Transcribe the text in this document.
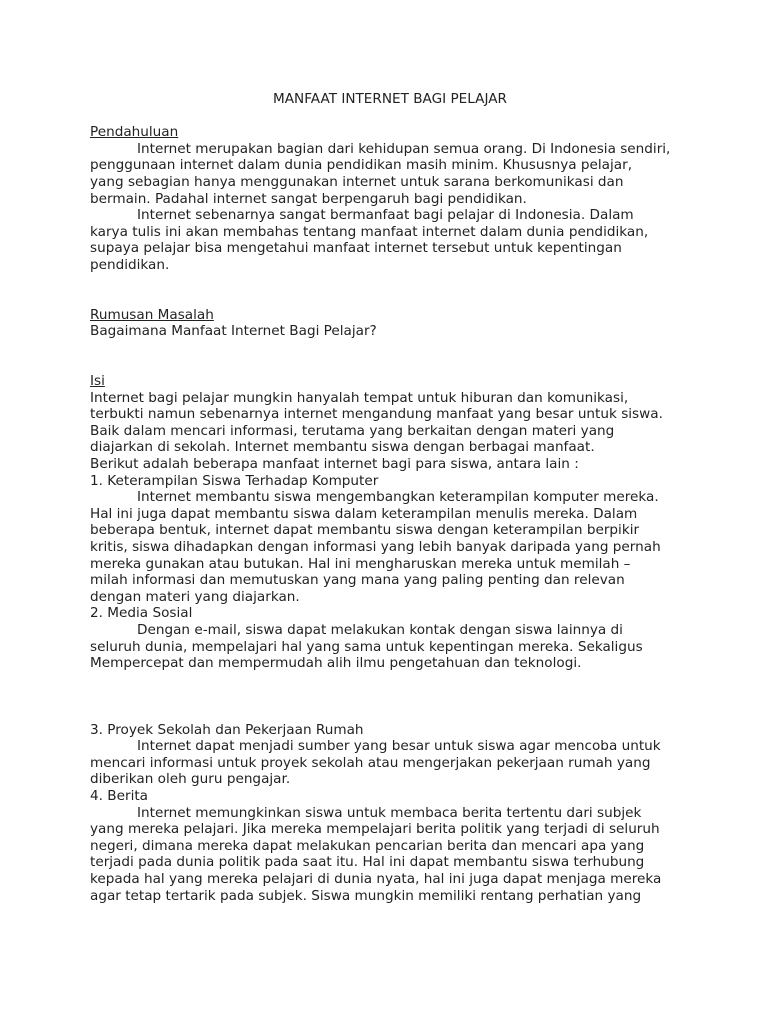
MANFAAT INTERNET BAGI PELAJAR
Pendahuluan
Internet merupakan bagian dari kehidupan semua orang. Di Indonesia sendiri,
penggunaan internet dalam dunia pendidikan masih minim. Khususnya pelajar,
yang sebagian hanya menggunakan internet untuk sarana berkomunikasi dan
bermain. Padahal internet sangat berpengaruh bagi pendidikan.
Internet sebenarnya sangat bermanfaat bagi pelajar di Indonesia. Dalam
karya tulis ini akan membahas tentang manfaat internet dalam dunia pendidikan,
supaya pelajar bisa mengetahui manfaat internet tersebut untuk kepentingan
pendidikan.
Rumusan Masalah
Bagaimana Manfaat Internet Bagi Pelajar?
Isi
Internet bagi pelajar mungkin hanyalah tempat untuk hiburan dan komunikasi,
terbukti namun sebenarnya internet mengandung manfaat yang besar untuk siswa.
Baik dalam mencari informasi, terutama yang berkaitan dengan materi yang
diajarkan di sekolah. Internet membantu siswa dengan berbagai manfaat.
Berikut adalah beberapa manfaat internet bagi para siswa, antara lain :
1. Keterampilan Siswa Terhadap Komputer
Internet membantu siswa mengembangkan keterampilan komputer mereka.
Hal ini juga dapat membantu siswa dalam keterampilan menulis mereka. Dalam
beberapa bentuk, internet dapat membantu siswa dengan keterampilan berpikir
kritis, siswa dihadapkan dengan informasi yang lebih banyak daripada yang pernah
mereka gunakan atau butukan. Hal ini mengharuskan mereka untuk memilah –
milah informasi dan memutuskan yang mana yang paling penting dan relevan
dengan materi yang diajarkan.
2. Media Sosial
Dengan e-mail, siswa dapat melakukan kontak dengan siswa lainnya di
seluruh dunia, mempelajari hal yang sama untuk kepentingan mereka. Sekaligus
Mempercepat dan mempermudah alih ilmu pengetahuan dan teknologi.
3. Proyek Sekolah dan Pekerjaan Rumah
Internet dapat menjadi sumber yang besar untuk siswa agar mencoba untuk
mencari informasi untuk proyek sekolah atau mengerjakan pekerjaan rumah yang
diberikan oleh guru pengajar.
4. Berita
Internet memungkinkan siswa untuk membaca berita tertentu dari subjek
yang mereka pelajari. Jika mereka mempelajari berita politik yang terjadi di seluruh
negeri, dimana mereka dapat melakukan pencarian berita dan mencari apa yang
terjadi pada dunia politik pada saat itu. Hal ini dapat membantu siswa terhubung
kepada hal yang mereka pelajari di dunia nyata, hal ini juga dapat menjaga mereka
agar tetap tertarik pada subjek. Siswa mungkin memiliki rentang perhatian yang
